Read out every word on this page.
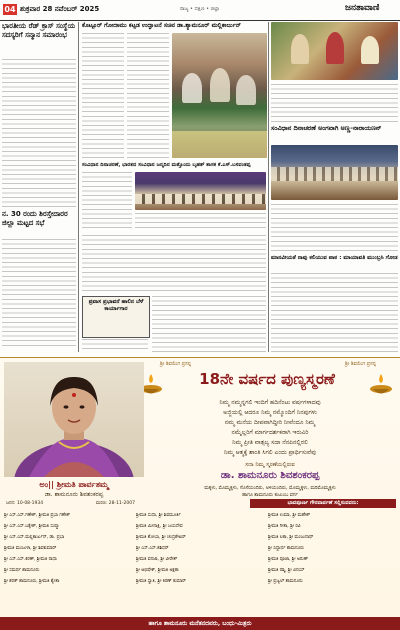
04 ಶುಕ್ರವಾರ 28 ನವೆಂಬರ್ 2025	ರಾಜ್ಯ • ದಕ್ಷಿಣ • ಜಿಲ್ಲಾ	ಜನತಾವಾಣಿ
ಭಾರತೀಯ ರೆಡ್ ಕ್ರಾಸ್ ಸಂಸ್ಥೆಯ ಸದಸ್ಯರಿಗೆ ಸನ್ಮಾನ ಸಮಾರಂಭ
ನ. 30 ರಂದು ಶಿರಸ್ತೇದಾರರ ಜಿಲ್ಲಾ ಮಟ್ಟದ ಸಭೆ
ಕೊಟ್ಟೂರ್ ಗೋದಾಮು ಕಟ್ಟಡ ಉದ್ಘಾಟನೆ ಸಚಿವ ಡಾ.ಶ್ಯಾಮನೂರ್ ಮಲ್ಲಿಕಾರ್ಜುನ್
ಸಂವಿಧಾನ ದಿನಾಚರಣೆ ಅಂಗವಾಗಿ ಅಣ್ಣ-ನಾರಾಯಣನ್
ಮಾನವೀಯತೆ ನಾವು ಕಲಿಯುವ ಪಾಠ : ಮಾಯಾವತಿ ಮುಂಬ್ರಸಿ ಗೋಡ
ಸಂವಿಧಾನ ದಿನಾಚರಣೆ, ಭಾರತದ ಸಂವಿಧಾನ ಜನ್ಮದಿನ ಮತ್ತೊಂದು ಬೃಹತ್ ಶಾಸಕ ಕೆ.ಎಸ್.ಬಸವಂತಪ್ಪ
ಪ್ರವಾಸ ಪ್ರಭಾವನೆ ಹಾಲಿನ ಬೆಳೆ ಕಾರ್ಯಾಗಾರ
ಶ್ರೀ ಶಿವಲಿಂಗ ಪ್ರಸನ್ನ	ಶ್ರೀ ಶಿವಲಿಂಗ ಪ್ರಸನ್ನ
18ನೇ ವರ್ಷದ ಪುಣ್ಯಸ್ಮರಣೆ
ನಿಮ್ಮ ನಮ್ಮನ್ನಗಲಿ ಇಂದಿಗೆ ಹದಿನೆಂಟು ವರ್ಷಗಳಾದವು
ಅಜ್ಜಿಯಲ್ಲಿ ಆದರೂ ನಿಮ್ಮ ನಮ್ಮೊಂದಿಗೆ ನಿನಪುಗಳು
ನಮ್ಮ ಮನೆಯ ದೀಪವಾಗಿದ್ದೀರಿ ನೀವೆಂದೂ ನಿಮ್ಮ
ನಮ್ಮೆಲ್ಲರಿಗೆ ಮಾರ್ಗದರ್ಶಕರಾಗಿ ಇರುವಿರಿ
ನಿಮ್ಮ ಪ್ರೀತಿ ವಾತ್ಸಲ್ಯ ಸದಾ ನೆನಪಿನಲ್ಲಿರಲಿ
ನಿಮ್ಮ ಆತ್ಮಕ್ಕೆ ಶಾಂತಿ ಸಿಗಲಿ ಎಂದು ಪ್ರಾರ್ಥಿಸುವೆವು
ಸದಾ ನಿಮ್ಮ ಸ್ಮರಣೆಯಲ್ಲಿರುವ
ಡಾ. ಶಾಮನೂರು ಶಿವಶಂಕರಪ್ಪ
ಮಕ್ಕಳು, ಮೊಮ್ಮಕ್ಕಳು, ಸೊಸೆಯಂದಿರು, ಅಳಿಯಂದಿರು, ಮೊಮ್ಮಕ್ಕಳು, ಮರಿಮೊಮ್ಮಕ್ಕಳು
ಹಾಗೂ ಶಾಮನೂರು ಕುಟುಂಬ ವರ್ಗ
ಅಂ|| ಶ್ರೀಮತಿ ಪಾರ್ವತಮ್ಮ
ಡಾ. ಶಾಮನೂರು ಶಿವಶಂಕರಪ್ಪ
ಜನನ: 10-08-1934	ಮರಣ: 28-11-2007	ಭಾವಪೂರ್ಣ ಗೌರವಾರ್ಪಣೆ ಸಲ್ಲಿಸುವವರು:
ಶ್ರೀ ಎಸ್.ಎಸ್.ಗಣೇಶ್, ಶ್ರೀಮತಿ ಪ್ರಭಾ ಗಣೇಶ್
ಶ್ರೀ ಎಸ್.ಎಸ್.ಬಕ್ಕೇಶ್, ಶ್ರೀಮತಿ ಸುಷ್ಮಾ
ಶ್ರೀ ಎಸ್.ಎಸ್.ಮಲ್ಲಿಕಾರ್ಜುನ್, ಡಾ. ಪ್ರಭಾ
ಶ್ರೀಮತಿ ಮಂಜುಳಾ, ಶ್ರೀ ಶಿವಕುಮಾರ್
ಶ್ರೀ ಎಸ್.ಎಸ್.ಕಿರಣ್, ಶ್ರೀಮತಿ ರಾಧಾ
ಶ್ರೀ ಸಮರ್ಥ ಶಾಮನೂರು
ಶ್ರೀ ಶರತ್ ಶಾಮನೂರು, ಶ್ರೀಮತಿ ಶ್ವೇತಾ
ಶ್ರೀಮತಿ ಸುಧಾ, ಶ್ರೀ ಶಿವಮೂರ್ತಿ
ಶ್ರೀಮತಿ ಮೀನಾಕ್ಷಿ, ಶ್ರೀ ಜಯದೇವ
ಶ್ರೀಮತಿ ಶೋಭಾ, ಶ್ರೀ ಚಂದ್ರಶೇಖರ್
ಶ್ರೀ ಎಸ್.ಎಸ್.ಶಶಿಧರ್
ಶ್ರೀಮತಿ ವನಜಾ, ಶ್ರೀ ವೀರೇಶ್
ಶ್ರೀ ಅಭಿಷೇಕ್, ಶ್ರೀಮತಿ ಅಕ್ಷತಾ
ಶ್ರೀಮತಿ ಸ್ವಾತಿ, ಶ್ರೀ ಕಿರಣ್ ಕುಮಾರ್
ಶ್ರೀಮತಿ ಉಮಾ, ಶ್ರೀ ಮಹೇಶ್
ಶ್ರೀಮತಿ ಗೀತಾ, ಶ್ರೀ ರವಿ
ಶ್ರೀಮತಿ ಲತಾ, ಶ್ರೀ ಮಂಜುನಾಥ್
ಶ್ರೀ ಸಿದ್ದಾರ್ಥ ಶಾಮನೂರು
ಶ್ರೀಮತಿ ಪೂಜಾ, ಶ್ರೀ ಅರುಣ್
ಶ್ರೀಮತಿ ರಶ್ಮಿ, ಶ್ರೀ ವಿನಯ್
ಶ್ರೀ ಪ್ರಜ್ವಲ್ ಶಾಮನೂರು
ಹಾಗೂ ಶಾಮನೂರು ಮನೆತನದವರು, ಬಂಧು-ಮಿತ್ರರು
